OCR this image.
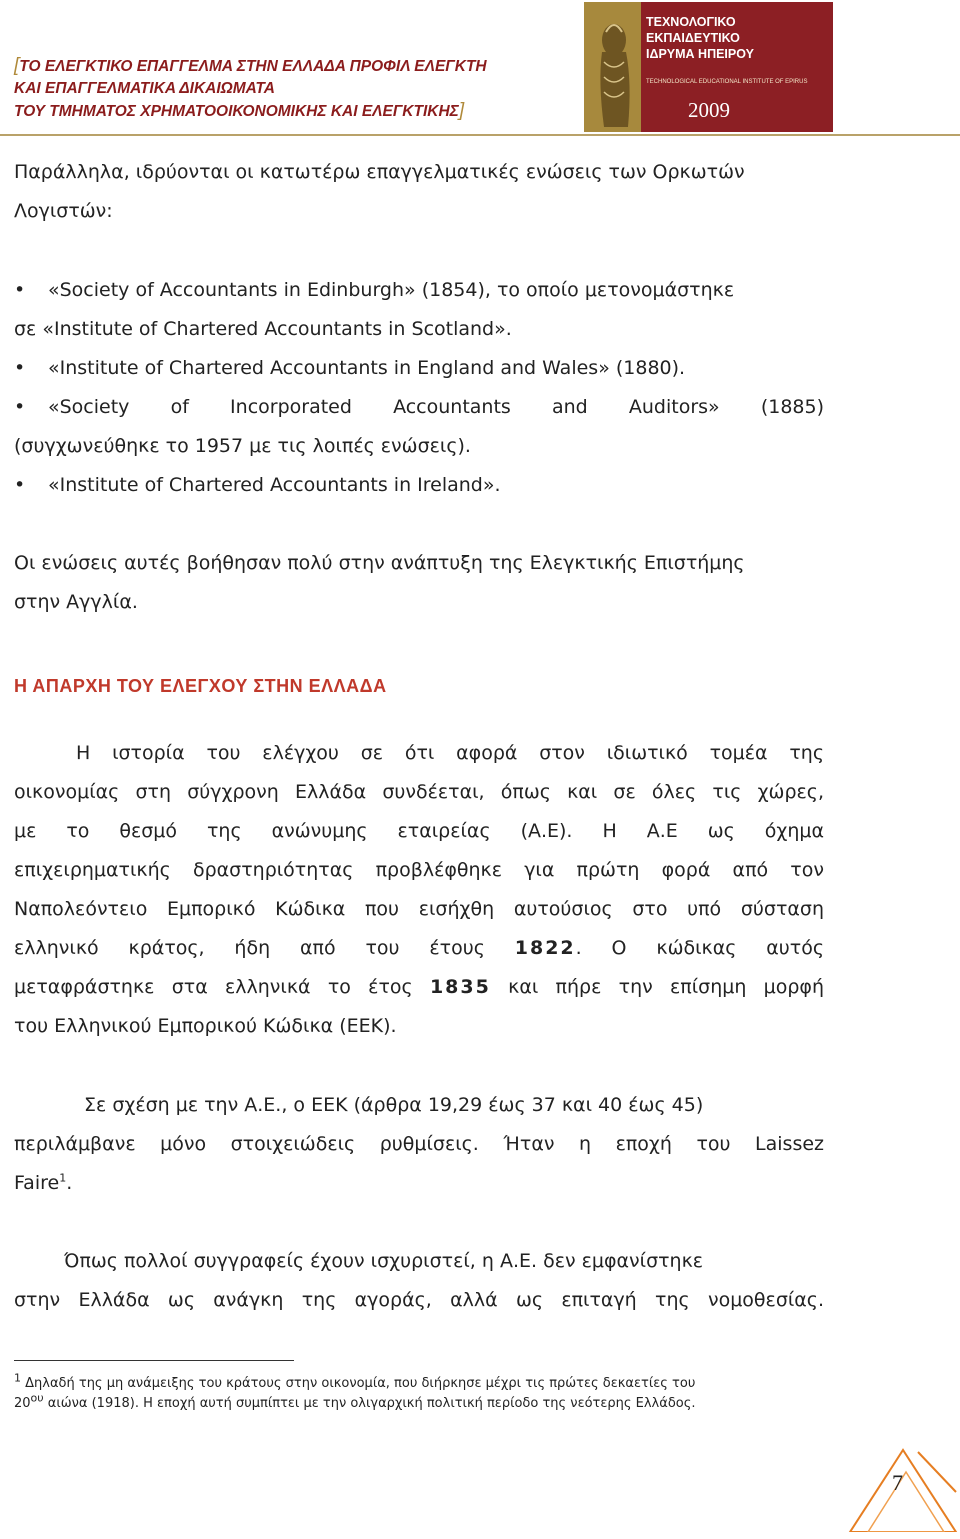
[ΤΟ ΕΛΕΓΚΤΙΚΟ ΕΠΑΓΓΕΛΜΑ ΣΤΗΝ ΕΛΛΑΔΑ ΠΡΟΦΙΛ ΕΛΕΓΚΤΗ
ΚΑΙ ΕΠΑΓΓΕΛΜΑΤΙΚΑ ΔΙΚΑΙΩΜΑΤΑ
ΤΟΥ ΤΜΗΜΑΤΟΣ ΧΡΗΜΑΤΟΟΙΚΟΝΟΜΙΚΗΣ ΚΑΙ ΕΛΕΓΚΤΙΚΗΣ]
ΤΕΧΝΟΛΟΓΙΚΟ ΕΚΠΑΙΔΕΥΤΙΚΟ
ΙΔΡΥΜΑ ΗΠΕΙΡΟΥ
TECHNOLOGICAL EDUCATIONAL INSTITUTE OF EPIRUS
2009
Παράλληλα, ιδρύονται οι κατωτέρω επαγγελματικές ενώσεις των Ορκωτών
Λογιστών:
• «Society of Accountants in Edinburgh» (1854), το οποίο μετονομάστηκε
σε «Institute of Chartered Accountants in Scotland».
• «Institute of Chartered Accountants in England and Wales» (1880).
• «Society of Incorporated Accountants and Auditors» (1885)
(συγχωνεύθηκε το 1957 με τις λοιπές ενώσεις).
• «Institute of Chartered Accountants in Ireland».
Οι ενώσεις αυτές βοήθησαν πολύ στην ανάπτυξη της Ελεγκτικής Επιστήμης
στην Αγγλία.
Η ΑΠΑΡΧΗ ΤΟΥ ΕΛΕΓΧΟΥ ΣΤΗΝ ΕΛΛΑΔΑ
Η ιστορία του ελέγχου σε ότι αφορά στον ιδιωτικό τομέα της
οικονομίας στη σύγχρονη Ελλάδα συνδέεται, όπως και σε όλες τις χώρες,
με το θεσμό της ανώνυμης εταιρείας (Α.Ε). Η Α.Ε ως όχημα
επιχειρηματικής δραστηριότητας προβλέφθηκε για πρώτη φορά από τον
Ναπολεόντειο Εμπορικό Κώδικα που εισήχθη αυτούσιος στο υπό σύσταση
ελληνικό κράτος, ήδη από του έτους 1822. Ο κώδικας αυτός
μεταφράστηκε στα ελληνικά το έτος 1835 και πήρε την επίσημη μορφή
του Ελληνικού Εμπορικού Κώδικα (ΕΕΚ).
Σε σχέση με την Α.Ε., ο ΕΕΚ (άρθρα 19,29 έως 37 και 40 έως 45)
περιλάμβανε μόνο στοιχειώδεις ρυθμίσεις. Ήταν η εποχή του Laissez
Faire$^1$.
Όπως πολλοί συγγραφείς έχουν ισχυριστεί, η Α.Ε. δεν εμφανίστηκε
στην Ελλάδα ως ανάγκη της αγοράς, αλλά ως επιταγή της νομοθεσίας.
$^1$ Δηλαδή της μη ανάμειξης του κράτους στην οικονομία, που διήρκησε μέχρι τις πρώτες δεκαετίες του
$20^{o\upsilon}$ αιώνα (1918). Η εποχή αυτή συμπίπτει με την ολιγαρχική πολιτική περίοδο της νεότερης Ελλάδος.
7
